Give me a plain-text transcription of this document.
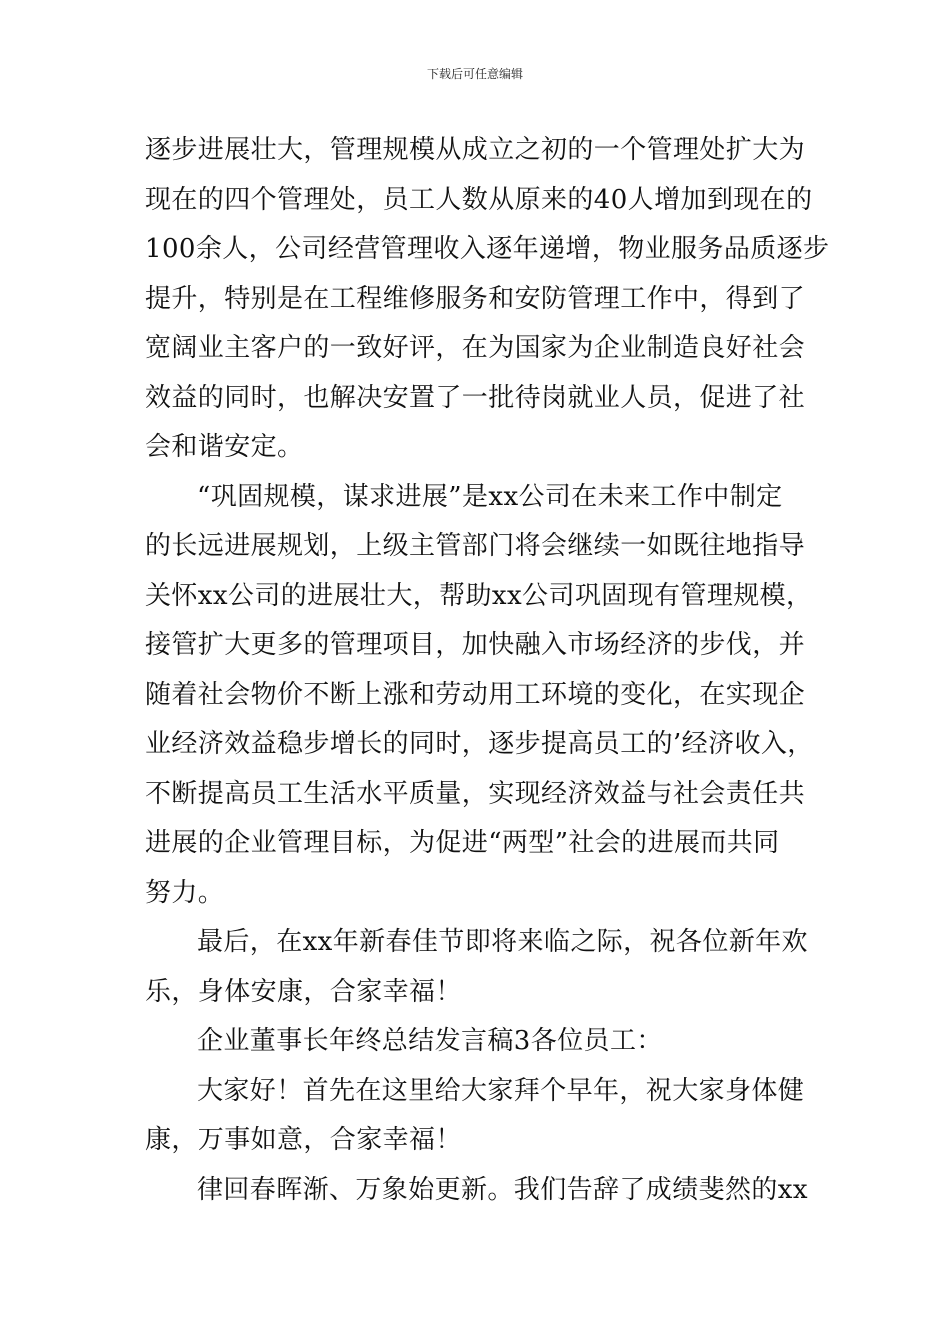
下载后可任意编辑
逐步进展壮大，管理规模从成立之初的一个管理处扩大为
现在的四个管理处，员工人数从原来的40人增加到现在的
100余人，公司经营管理收入逐年递增，物业服务品质逐步
提升，特别是在工程维修服务和安防管理工作中，得到了
宽阔业主客户的一致好评，在为国家为企业制造良好社会
效益的同时，也解决安置了一批待岗就业人员，促进了社
会和谐安定。
“巩固规模，谋求进展”是xx公司在未来工作中制定
的长远进展规划，上级主管部门将会继续一如既往地指导
关怀xx公司的进展壮大，帮助xx公司巩固现有管理规模，
接管扩大更多的管理项目，加快融入市场经济的步伐，并
随着社会物价不断上涨和劳动用工环境的变化，在实现企
业经济效益稳步增长的同时，逐步提高员工的’经济收入，
不断提高员工生活水平质量，实现经济效益与社会责任共
进展的企业管理目标，为促进“两型”社会的进展而共同
努力。
最后，在xx年新春佳节即将来临之际，祝各位新年欢
乐，身体安康，合家幸福！
企业董事长年终总结发言稿3各位员工：
大家好！首先在这里给大家拜个早年，祝大家身体健
康，万事如意，合家幸福！
律回春晖渐、万象始更新。我们告辞了成绩斐然的xx
